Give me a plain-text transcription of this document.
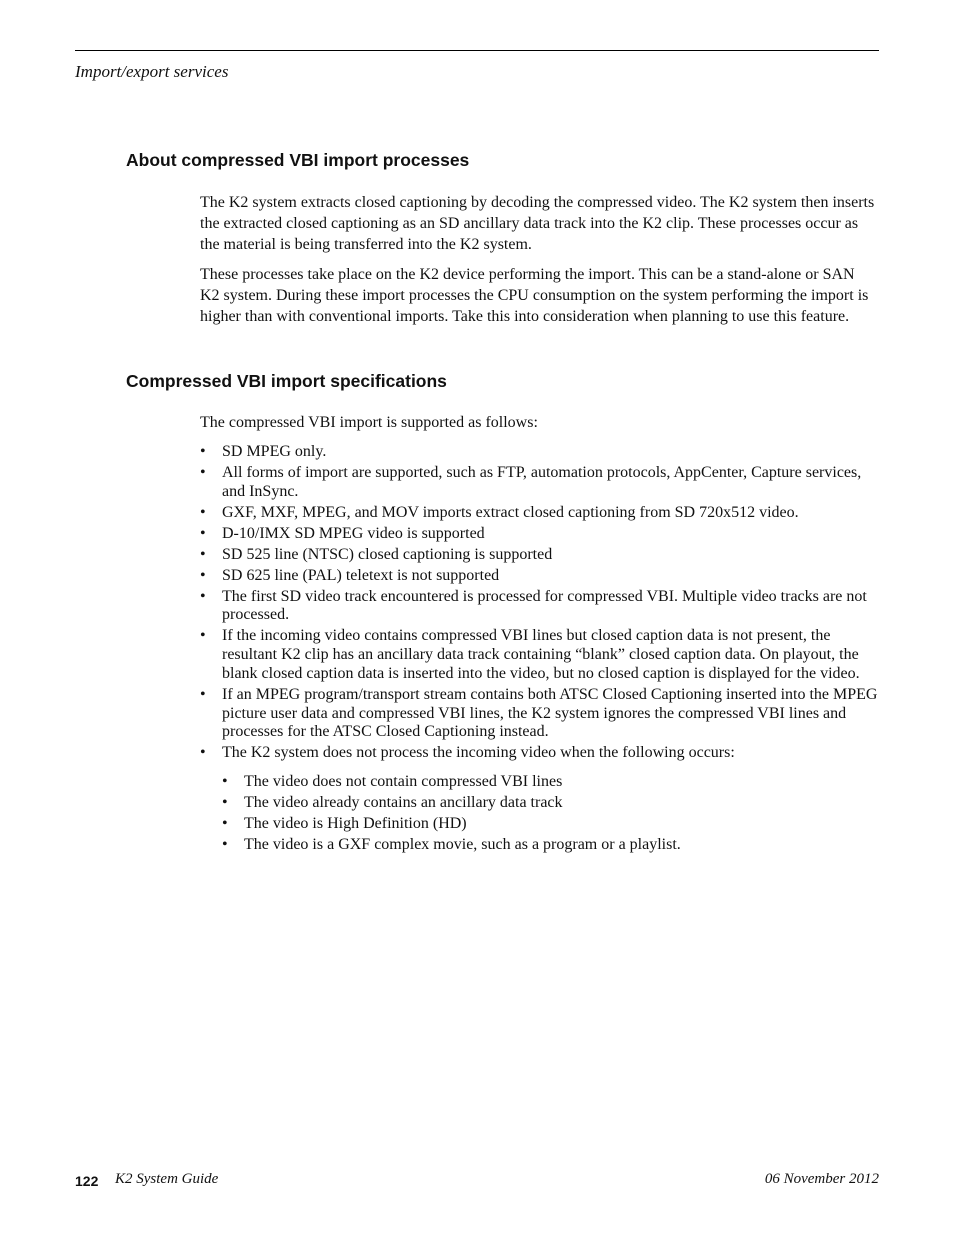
Import/export services
About compressed VBI import processes

The K2 system extracts closed captioning by decoding the compressed video. The K2 system then inserts the extracted closed captioning as an SD ancillary data track into the K2 clip. These processes occur as the material is being transferred into the K2 system.

These processes take place on the K2 device performing the import. This can be a stand-alone or SAN K2 system. During these import processes the CPU consumption on the system performing the import is higher than with conventional imports. Take this into consideration when planning to use this feature.

Compressed VBI import specifications

The compressed VBI import is supported as follows:

• SD MPEG only.
• All forms of import are supported, such as FTP, automation protocols, AppCenter, Capture services, and InSync.
• GXF, MXF, MPEG, and MOV imports extract closed captioning from SD 720x512 video.
• D-10/IMX SD MPEG video is supported
• SD 525 line (NTSC) closed captioning is supported
• SD 625 line (PAL) teletext is not supported
• The first SD video track encountered is processed for compressed VBI. Multiple video tracks are not processed.
• If the incoming video contains compressed VBI lines but closed caption data is not present, the resultant K2 clip has an ancillary data track containing “blank” closed caption data. On playout, the blank closed caption data is inserted into the video, but no closed caption is displayed for the video.
• If an MPEG program/transport stream contains both ATSC Closed Captioning inserted into the MPEG picture user data and compressed VBI lines, the K2 system ignores the compressed VBI lines and processes for the ATSC Closed Captioning instead.
• The K2 system does not process the incoming video when the following occurs:
• The video does not contain compressed VBI lines
• The video already contains an ancillary data track
• The video is High Definition (HD)
• The video is a GXF complex movie, such as a program or a playlist.
122 K2 System Guide	06 November 2012
